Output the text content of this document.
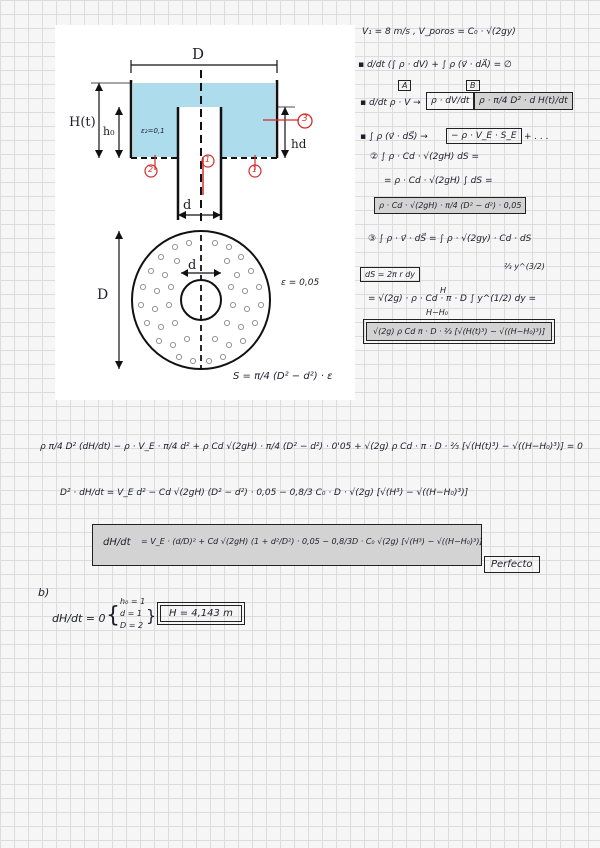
D
H(t)
h₀
hd
ε₂=0,1
d
D
d
ε = 0,05
S = π/4 (D² − d²) · ε
3
2	1
1
V₁ = 8 m/s , V_poros = C₀ · √(2gy)
▪ d/dt (∫ ρ · dV) + ∫ ρ (v⃗ · dA⃗) = ∅
A	B
▪ d/dt ρ · V →	ρ · dV/dt	ρ · π/4 D² · d H(t)/dt
▪ ∫ ρ (v⃗ · dS⃗) →	− ρ · V_E · S_E + . . .
② ∫ ρ · Cd · √(2gH) dS =
= ρ · Cd · √(2gH) ∫ dS =
ρ · Cd · √(2gH) · π/4 (D² − d²) · 0,05
③ ∫ ρ · v⃗ · dS⃗ = ∫ ρ · √(2gy) · Cd · dS
dS = 2π r dy
⅔ y^(3/2)
H
= √(2g) · ρ · Cd · π · D ∫ y^(1/2) dy =
H−H₀
√(2g) ρ Cd π · D · ⅔ [√(H(t)³) − √((H−H₀)³)]
ρ π/4 D² (dH/dt) − ρ · V_E · π/4 d² + ρ Cd √(2gH) · π/4 (D² − d²) · 0'05 + √(2g) ρ Cd · π · D · ⅔ [√(H(t)³) − √((H−H₀)³)] = 0
D² · dH/dt = V_E d² − Cd √(2gH) (D² − d²) · 0,05 − 0,8/3 C₀ · D · √(2g) [√(H³) − √((H−H₀)³)]
dH/dt = V_E · (d/D)² + Cd √(2gH) (1 + d²/D²) · 0,05 − 0,8/3D · C₀ √(2g) [√(H³) − √((H−H₀)³)]
Perfecto
b)
dH/dt = 0 {
h₀ = 1
d = 1
D = 2
}	H = 4,143 m
